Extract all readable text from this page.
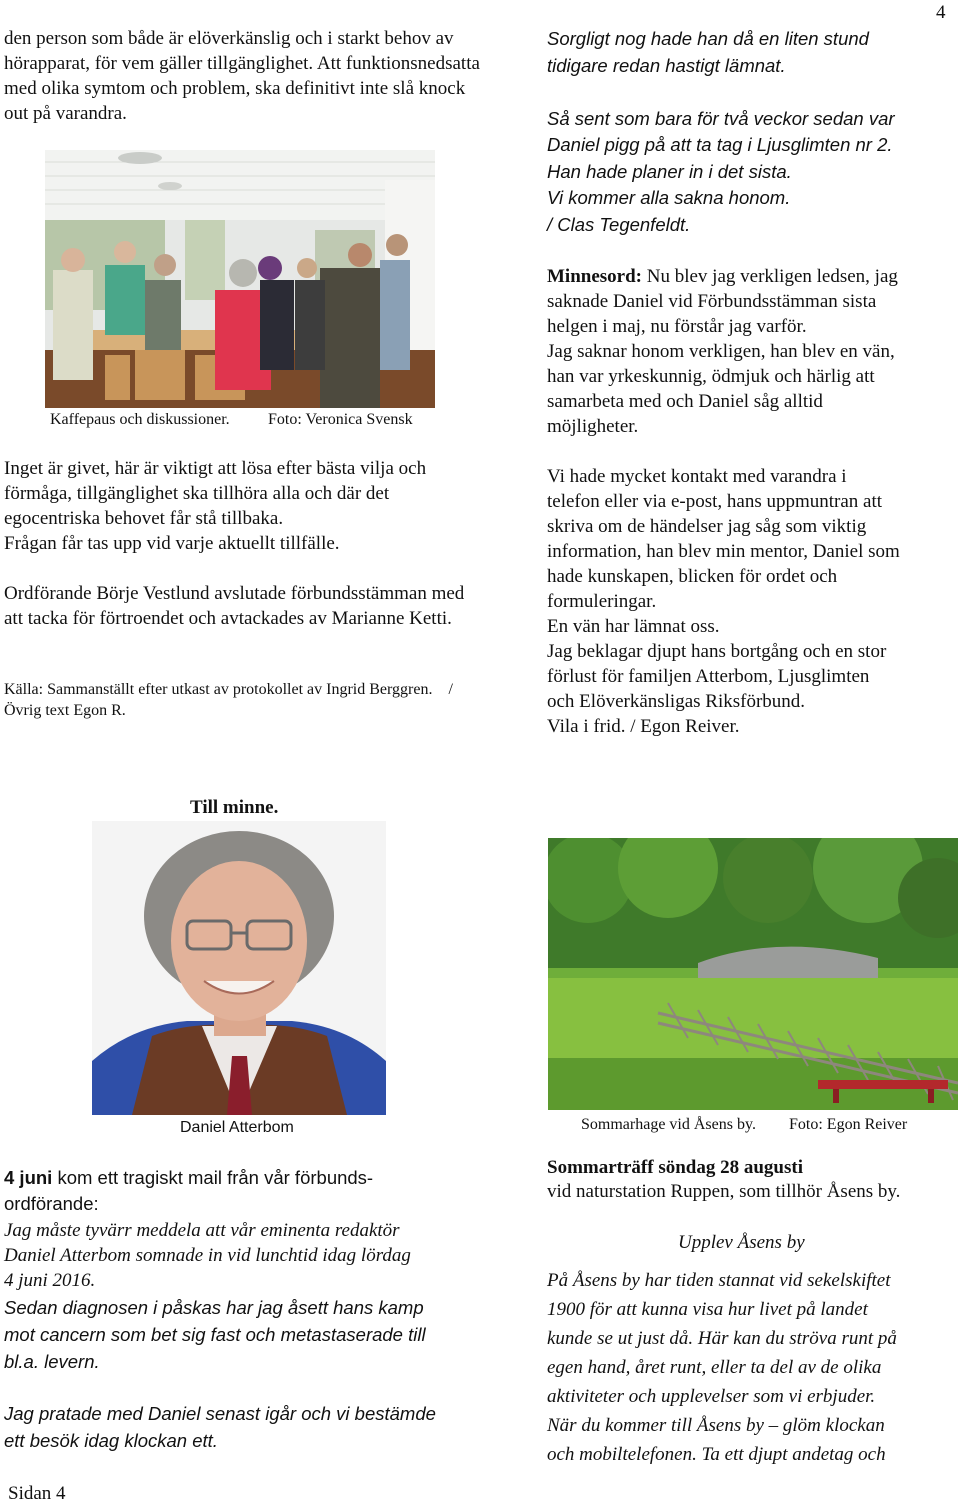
4

den person som både är elöverkänslig och i starkt behov av hörapparat, för vem gäller tillgänglighet. Att funktionsnedsatta med olika symtom och problem, ska definitivt inte slå knock out på varandra.

Kaffepaus och diskussioner. Foto: Veronica Svensk

Inget är givet, här är viktigt att lösa efter bästa vilja och förmåga, tillgänglighet ska tillhöra alla och där det egocentriska behovet får stå tillbaka.

Frågan får tas upp vid varje aktuellt tillfälle.

Ordförande Börje Vestlund avslutade förbundsstämman med att tacka för förtroendet och avtackades av Marianne Ketti.

Källa: Sammanställt efter utkast av protokollet av Ingrid Berggren. / Övrig text Egon R.
Sorgligt nog hade han då en liten stund
tidigare redan hastigt lämnat.
Så sent som bara för två veckor sedan var
Daniel pigg på att ta tag i Ljusglimten nr 2.
Han hade planer in i det sista.
Vi kommer alla sakna honom.
/ Clas Tegenfeldt.
Minnesord: Nu blev jag verkligen ledsen, jag
saknade Daniel vid Förbundsstämman sista
helgen i maj, nu förstår jag varför.
Jag saknar honom verkligen, han blev en vän,
han var yrkeskunnig, ödmjuk och härlig att
samarbeta med och Daniel såg alltid
möjligheter.
Vi hade mycket kontakt med varandra i
telefon eller via e-post, hans uppmuntran att
skriva om de händelser jag såg som viktig
information, han blev min mentor, Daniel som
hade kunskapen, blicken för ordet och
formuleringar.
En vän har lämnat oss.
Jag beklagar djupt hans bortgång och en stor
förlust för familjen Atterbom, Ljusglimten
och Elöverkänsligas Riksförbund.
Vila i frid. / Egon Reiver.
Till minne.
Daniel Atterbom
4 juni kom ett tragiskt mail från vår förbunds-
ordförande:
Jag måste tyvärr meddela att vår eminenta redaktör
Daniel Atterbom somnade in vid lunchtid idag lördag
4 juni 2016.
Sedan diagnosen i påskas har jag åsett hans kamp
mot cancern som bet sig fast och metastaserade till
bl.a. levern.
Jag pratade med Daniel senast igår och vi bestämde
ett besök idag klockan ett.
Sidan 4
Sommarhage vid Åsens by. Foto: Egon Reiver
Sommarträff söndag 28 augusti
vid naturstation Ruppen, som tillhör Åsens by.
Upplev Åsens by
På Åsens by har tiden stannat vid sekelskiftet
1900 för att kunna visa hur livet på landet
kunde se ut just då. Här kan du ströva runt på
egen hand, året runt, eller ta del av de olika
aktiviteter och upplevelser som vi erbjuder.
När du kommer till Åsens by – glöm klockan
och mobiltelefonen. Ta ett djupt andetag och
